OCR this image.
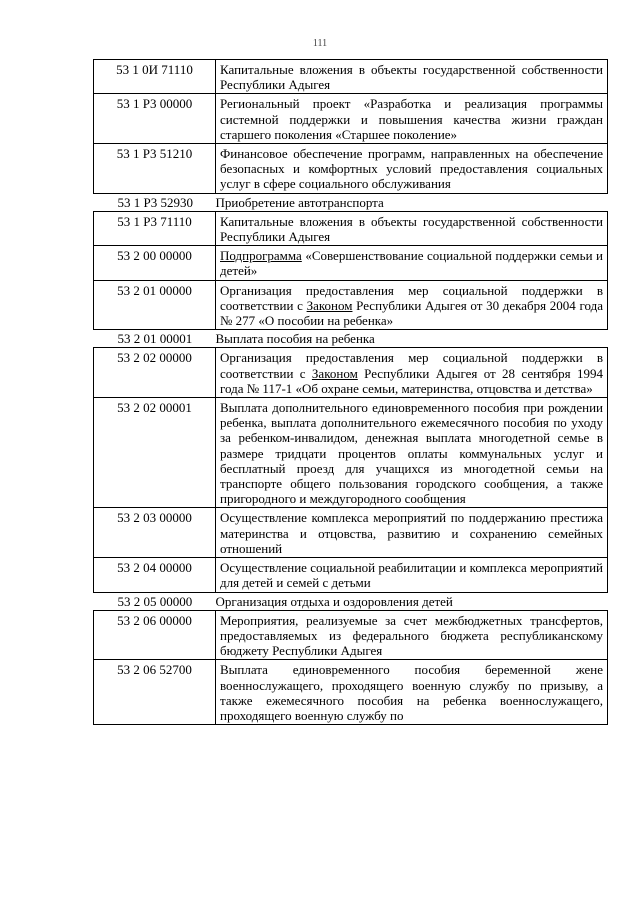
111
53 1 0И 71110	Капитальные вложения в объекты государственной собственности Республики Адыгея
53 1 Р3 00000	Региональный проект «Разработка и реализация программы системной поддержки и повышения качества жизни граждан старшего поколения «Старшее поколение»
53 1 Р3 51210	Финансовое обеспечение программ, направленных на обеспечение безопасных и комфортных условий предоставления социальных услуг в сфере социального обслуживания
53 1 Р3 52930	Приобретение автотранспорта
53 1 Р3 71110	Капитальные вложения в объекты государственной собственности Республики Адыгея
53 2 00 00000	Подпрограмма «Совершенствование социальной поддержки семьи и детей»
53 2 01 00000	Организация предоставления мер социальной поддержки в соответствии с Законом Республики Адыгея от 30 декабря 2004 года № 277 «О пособии на ребенка»
53 2 01 00001	Выплата пособия на ребенка
53 2 02 00000	Организация предоставления мер социальной поддержки в соответствии с Законом Республики Адыгея от 28 сентября 1994 года № 117-1 «Об охране семьи, материнства, отцовства и детства»
53 2 02 00001	Выплата дополнительного единовременного пособия при рождении ребенка, выплата дополнительного ежемесячного пособия по уходу за ребенком-инвалидом, денежная выплата многодетной семье в размере тридцати процентов оплаты коммунальных услуг и бесплатный проезд для учащихся из многодетной семьи на транспорте общего пользования городского сообщения, а также пригородного и междугородного сообщения
53 2 03 00000	Осуществление комплекса мероприятий по поддержанию престижа материнства и отцовства, развитию и сохранению семейных отношений
53 2 04 00000	Осуществление социальной реабилитации и комплекса мероприятий для детей и семей с детьми
53 2 05 00000	Организация отдыха и оздоровления детей
53 2 06 00000	Мероприятия, реализуемые за счет межбюджетных трансфертов, предоставляемых из федерального бюджета республиканскому бюджету Республики Адыгея
53 2 06 52700	Выплата единовременного пособия беременной жене военнослужащего, проходящего военную службу по призыву, а также ежемесячного пособия на ребенка военнослужащего, проходящего военную службу по
